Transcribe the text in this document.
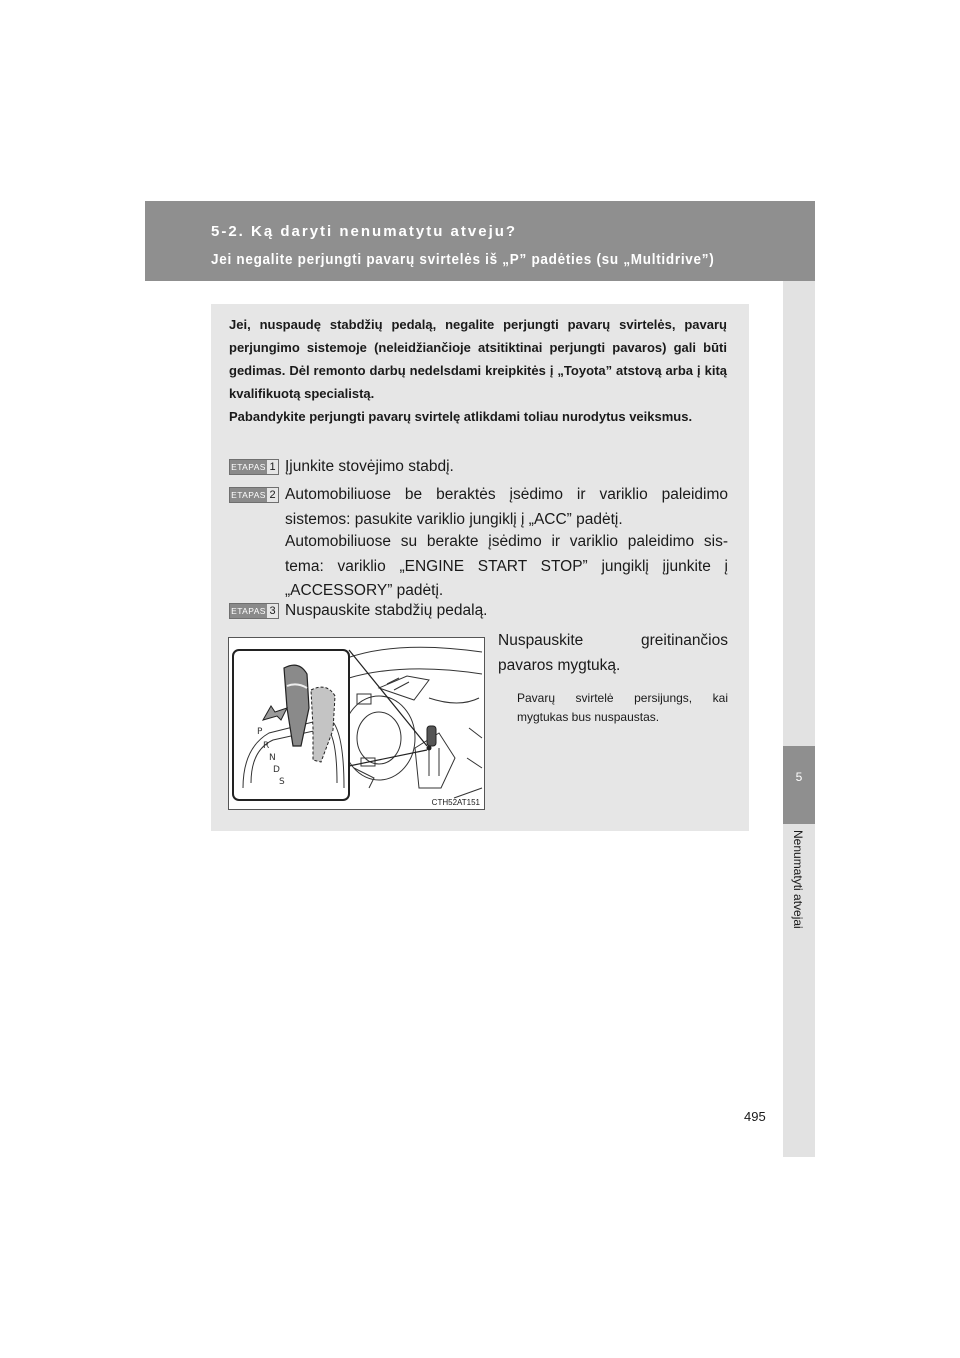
5-2. Ką daryti nenumatytu atveju?
Jei negalite perjungti pavarų svirtelės iš „P” padėties (su „Multidrive”)
5
Nenumatyti atvejai

Jei, nuspaudę stabdžių pedalą, negalite perjungti pavarų svirtelės, pavarų perjungimo sistemoje (neleidžiančioje atsitiktinai perjungti pavaros) gali būti gedimas. Dėl remonto darbų nedelsdami kreipkitės į „Toyota” atstovą arba į kitą kvalifikuotą specialistą.

Pabandykite perjungti pavarų svirtelę atlikdami toliau nurodytus veiksmus.

ETAPAS 1 Įjunkite stovėjimo stabdį.

ETAPAS 2 Automobiliuose be beraktės įsėdimo ir variklio paleidimo sistemos: pasukite variklio jungiklį į „ACC” padėtį.

Automobiliuose su berakte įsėdimo ir variklio paleidimo sis-tema: variklio „ENGINE START STOP” jungiklį įjunkite į „ACCESSORY” padėtį.

ETAPAS 3 Nuspauskite stabdžių pedalą.

Nuspauskite greitinančios pavaros mygtuką.
Pavarų svirtelė persijungs, kai mygtukas bus nuspaustas.
P
R
N
D
S
CTH52AT151
495
